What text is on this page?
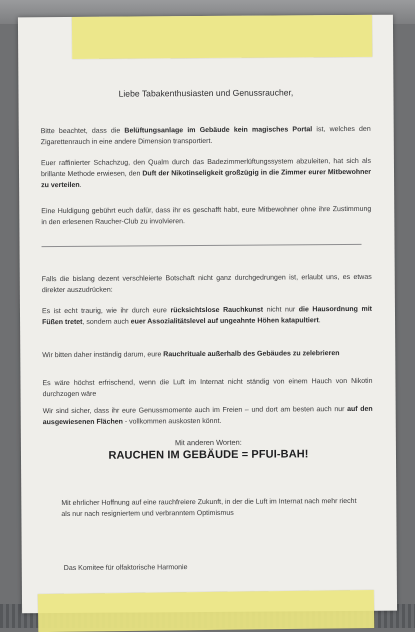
Liebe Tabakenthusiasten und Genussraucher,
Bitte beachtet, dass die Belüftungsanlage im Gebäude kein magisches Portal ist, welches den Zigarettenrauch in eine andere Dimension transportiert.
Euer raffinierter Schachzug, den Qualm durch das Badezimmerlüftungssystem abzuleiten, hat sich als brillante Methode erwiesen, den Duft der Nikotinseligkeit großzügig in die Zimmer eurer Mitbewohner zu verteilen.
Eine Huldigung gebührt euch dafür, dass ihr es geschafft habt, eure Mitbewohner ohne ihre Zustimmung in den erlesenen Raucher-Club zu involvieren.
Falls die bislang dezent verschleierte Botschaft nicht ganz durchgedrungen ist, erlaubt uns, es etwas direkter auszudrücken:
Es ist echt traurig, wie ihr durch eure rücksichtslose Rauchkunst nicht nur die Hausordnung mit Füßen tretet, sondern auch euer Assozialitätslevel auf ungeahnte Höhen katapultiert.
Wir bitten daher inständig darum, eure Rauchrituale außerhalb des Gebäudes zu zelebrieren
Es wäre höchst erfrischend, wenn die Luft im Internat nicht ständig von einem Hauch von Nikotin durchzogen wäre
Wir sind sicher, dass ihr eure Genussmomente auch im Freien – und dort am besten auch nur auf den ausgewiesenen Flächen - vollkommen auskosten könnt.
Mit anderen Worten:
RAUCHEN IM GEBÄUDE = PFUI-BAH!
Mit ehrlicher Hoffnung auf eine rauchfreiere Zukunft, in der die Luft im Internat nach mehr riecht als nur nach resigniertem und verbranntem Optimismus
Das Komitee für olfaktorische Harmonie
